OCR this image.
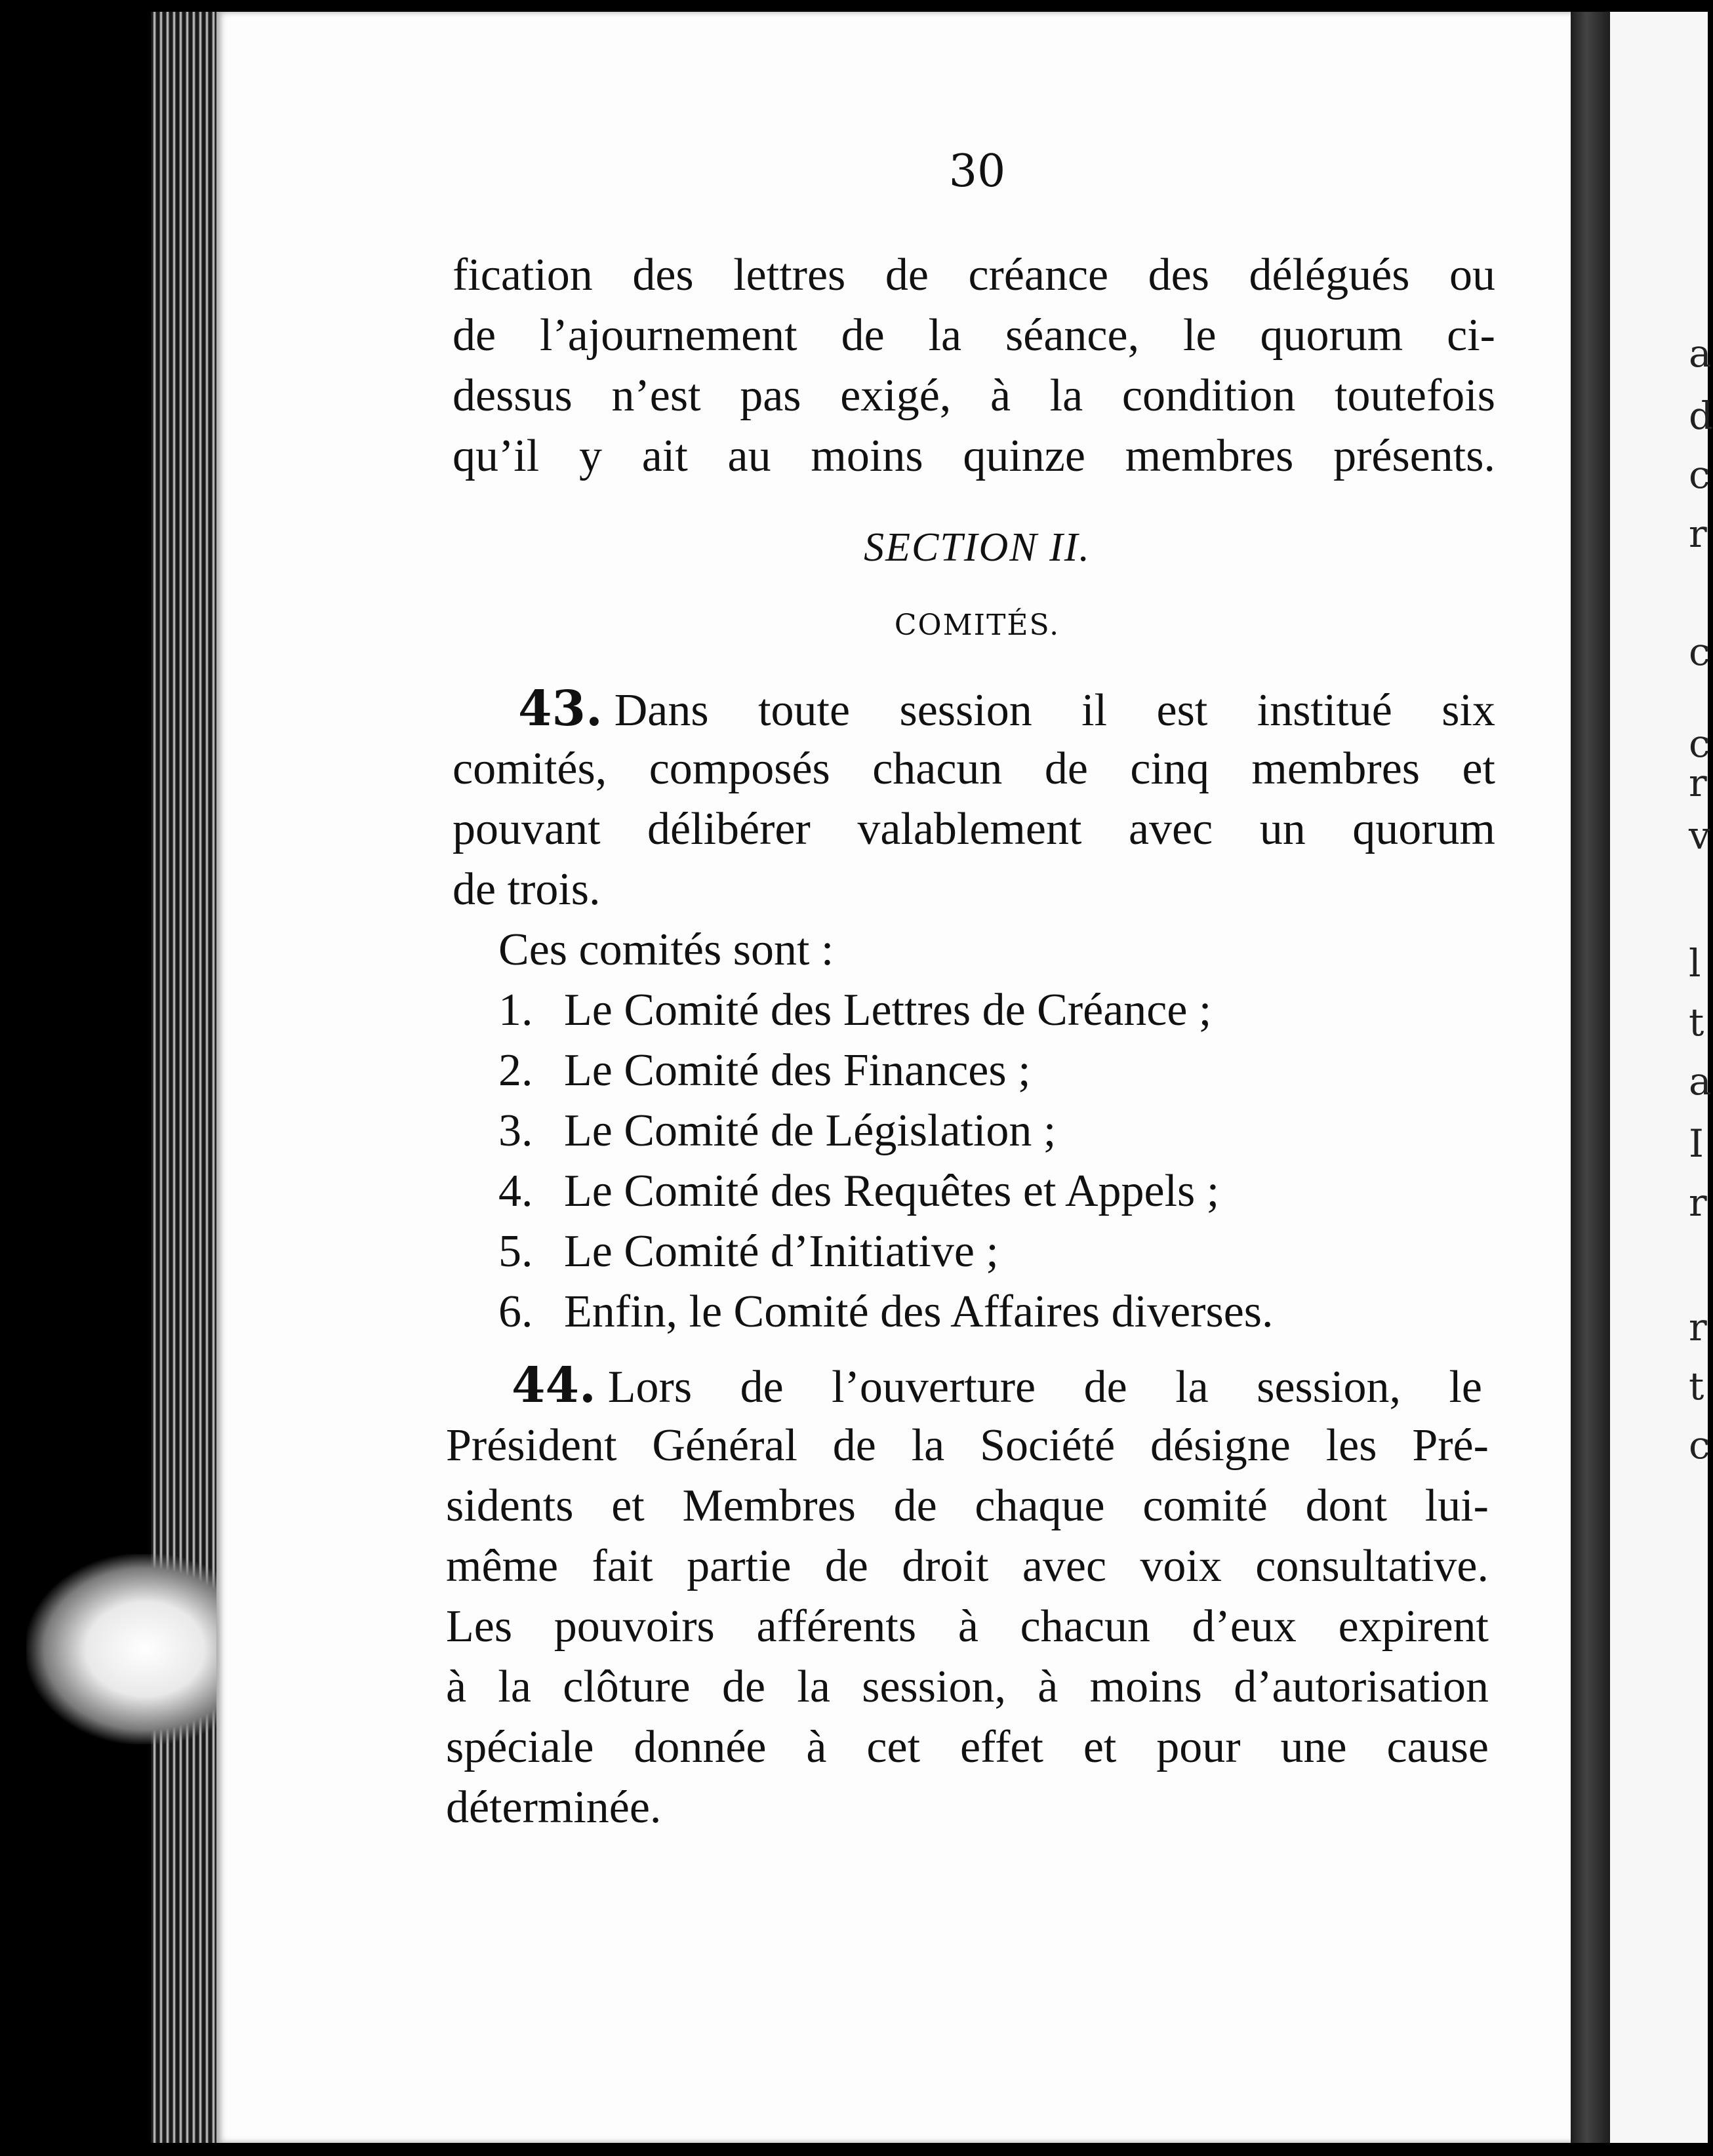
a
d
c
r
c
c
r
v
l
t
a
I
r
r
t
c
30
fication des lettres de créance des délégués ou
de l’ajournement de la séance, le quorum ci-
dessus n’est pas exigé, à la condition toutefois
qu’il y ait au moins quinze membres présents.
SECTION II.
COMITÉS.
43. Dans toute session il est institué six
comités, composés chacun de cinq membres et
pouvant délibérer valablement avec un quorum
de trois.
Ces comités sont :
1. Le Comité des Lettres de Créance ;
2. Le Comité des Finances ;
3. Le Comité de Législation ;
4. Le Comité des Requêtes et Appels ;
5. Le Comité d’Initiative ;
6. Enfin, le Comité des Affaires diverses.
44. Lors de l’ouverture de la session, le
Président Général de la Société désigne les Pré-
sidents et Membres de chaque comité dont lui-
même fait partie de droit avec voix consultative.
Les pouvoirs afférents à chacun d’eux expirent
à la clôture de la session, à moins d’autorisation
spéciale donnée à cet effet et pour une cause
déterminée.
